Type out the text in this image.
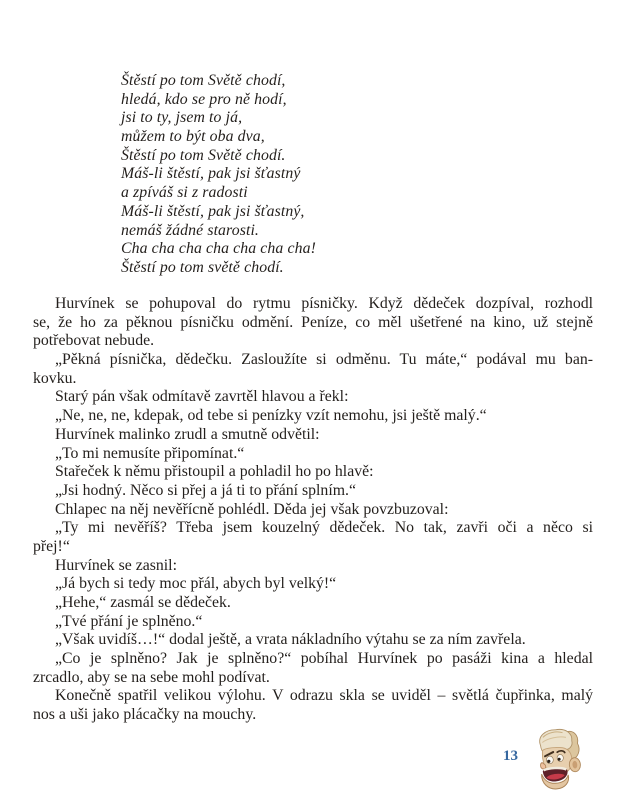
Štěstí po tom Světě chodí,
hledá, kdo se pro ně hodí,
jsi to ty, jsem to já,
můžem to být oba dva,
Štěstí po tom Světě chodí.
Máš-li štěstí, pak jsi šťastný
a zpíváš si z radosti
Máš-li štěstí, pak jsi šťastný,
nemáš žádné starosti.
Cha cha cha cha cha cha cha!
Štěstí po tom světě chodí.
Hurvínek se pohupoval do rytmu písničky. Když dědeček dozpíval, rozhodl
se, že ho za pěknou písničku odmění. Peníze, co měl ušetřené na kino, už stejně
potřebovat nebude.
„Pěkná písnička, dědečku. Zasloužíte si odměnu. Tu máte,“ podával mu ban-
kovku.
Starý pán však odmítavě zavrtěl hlavou a řekl:
„Ne, ne, ne, kdepak, od tebe si penízky vzít nemohu, jsi ještě malý.“
Hurvínek malinko zrudl a smutně odvětil:
„To mi nemusíte připomínat.“
Stařeček k němu přistoupil a pohladil ho po hlavě:
„Jsi hodný. Něco si přej a já ti to přání splním.“
Chlapec na něj nevěřícně pohlédl. Děda jej však povzbuzoval:
„Ty mi nevěříš? Třeba jsem kouzelný dědeček. No tak, zavři oči a něco si
přej!“
Hurvínek se zasnil:
„Já bych si tedy moc přál, abych byl velký!“
„Hehe,“ zasmál se dědeček.
„Tvé přání je splněno.“
„Však uvidíš…!“ dodal ještě, a vrata nákladního výtahu se za ním zavřela.
„Co je splněno? Jak je splněno?“ pobíhal Hurvínek po pasáži kina a hledal
zrcadlo, aby se na sebe mohl podívat.
Konečně spatřil velikou výlohu. V odrazu skla se uviděl – světlá čupřinka, malý
nos a uši jako plácačky na mouchy.
13
